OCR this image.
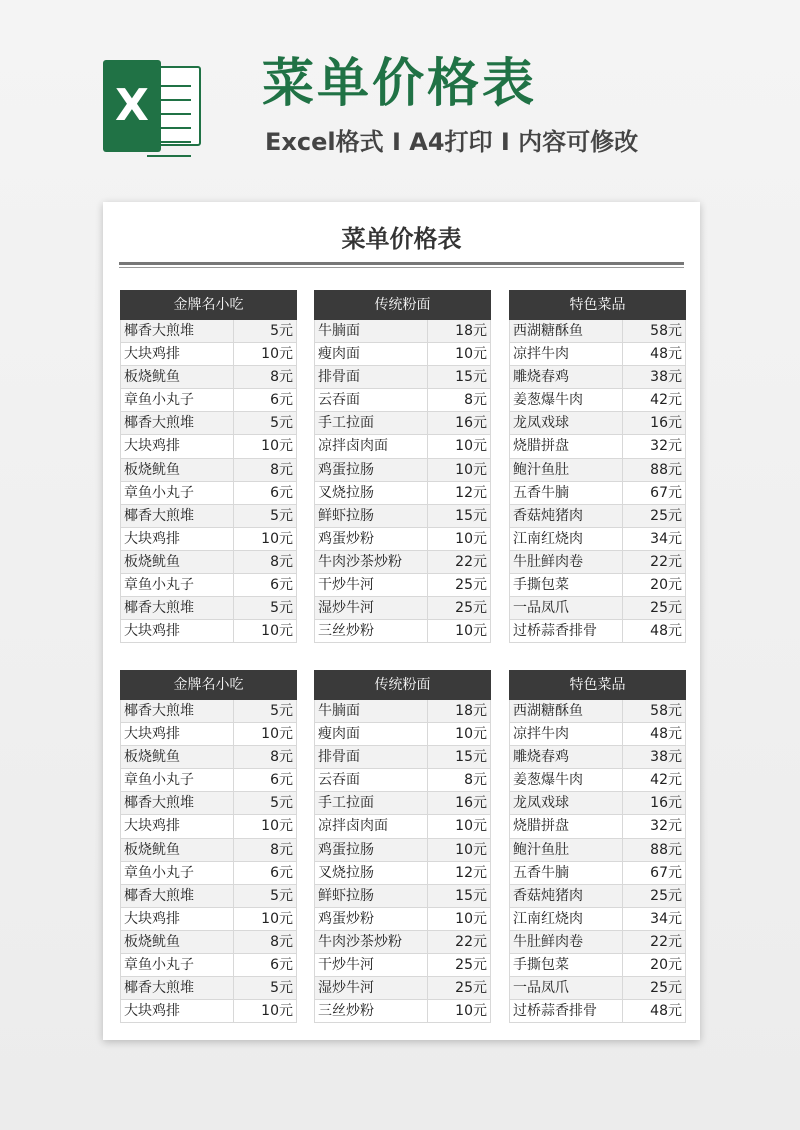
X 菜单价格表
Excel格式 Ⅰ A4打印 Ⅰ 内容可修改
菜单价格表
金牌名小吃
椰香大煎堆	5元
大块鸡排	10元
板烧鱿鱼	8元
章鱼小丸子	6元
椰香大煎堆	5元
大块鸡排	10元
板烧鱿鱼	8元
章鱼小丸子	6元
椰香大煎堆	5元
大块鸡排	10元
板烧鱿鱼	8元
章鱼小丸子	6元
椰香大煎堆	5元
大块鸡排	10元
传统粉面
牛腩面	18元
瘦肉面	10元
排骨面	15元
云吞面	8元
手工拉面	16元
凉拌卤肉面	10元
鸡蛋拉肠	10元
叉烧拉肠	12元
鲜虾拉肠	15元
鸡蛋炒粉	10元
牛肉沙茶炒粉	22元
干炒牛河	25元
湿炒牛河	25元
三丝炒粉	10元
特色菜品
西湖糖酥鱼	58元
凉拌牛肉	48元
雕烧春鸡	38元
姜葱爆牛肉	42元
龙凤戏球	16元
烧腊拼盘	32元
鲍汁鱼肚	88元
五香牛腩	67元
香菇炖猪肉	25元
江南红烧肉	34元
牛肚鲜肉卷	22元
手撕包菜	20元
一品凤爪	25元
过桥蒜香排骨	48元
金牌名小吃
椰香大煎堆	5元
大块鸡排	10元
板烧鱿鱼	8元
章鱼小丸子	6元
椰香大煎堆	5元
大块鸡排	10元
板烧鱿鱼	8元
章鱼小丸子	6元
椰香大煎堆	5元
大块鸡排	10元
板烧鱿鱼	8元
章鱼小丸子	6元
椰香大煎堆	5元
大块鸡排	10元
传统粉面
牛腩面	18元
瘦肉面	10元
排骨面	15元
云吞面	8元
手工拉面	16元
凉拌卤肉面	10元
鸡蛋拉肠	10元
叉烧拉肠	12元
鲜虾拉肠	15元
鸡蛋炒粉	10元
牛肉沙茶炒粉	22元
干炒牛河	25元
湿炒牛河	25元
三丝炒粉	10元
特色菜品
西湖糖酥鱼	58元
凉拌牛肉	48元
雕烧春鸡	38元
姜葱爆牛肉	42元
龙凤戏球	16元
烧腊拼盘	32元
鲍汁鱼肚	88元
五香牛腩	67元
香菇炖猪肉	25元
江南红烧肉	34元
牛肚鲜肉卷	22元
手撕包菜	20元
一品凤爪	25元
过桥蒜香排骨	48元
